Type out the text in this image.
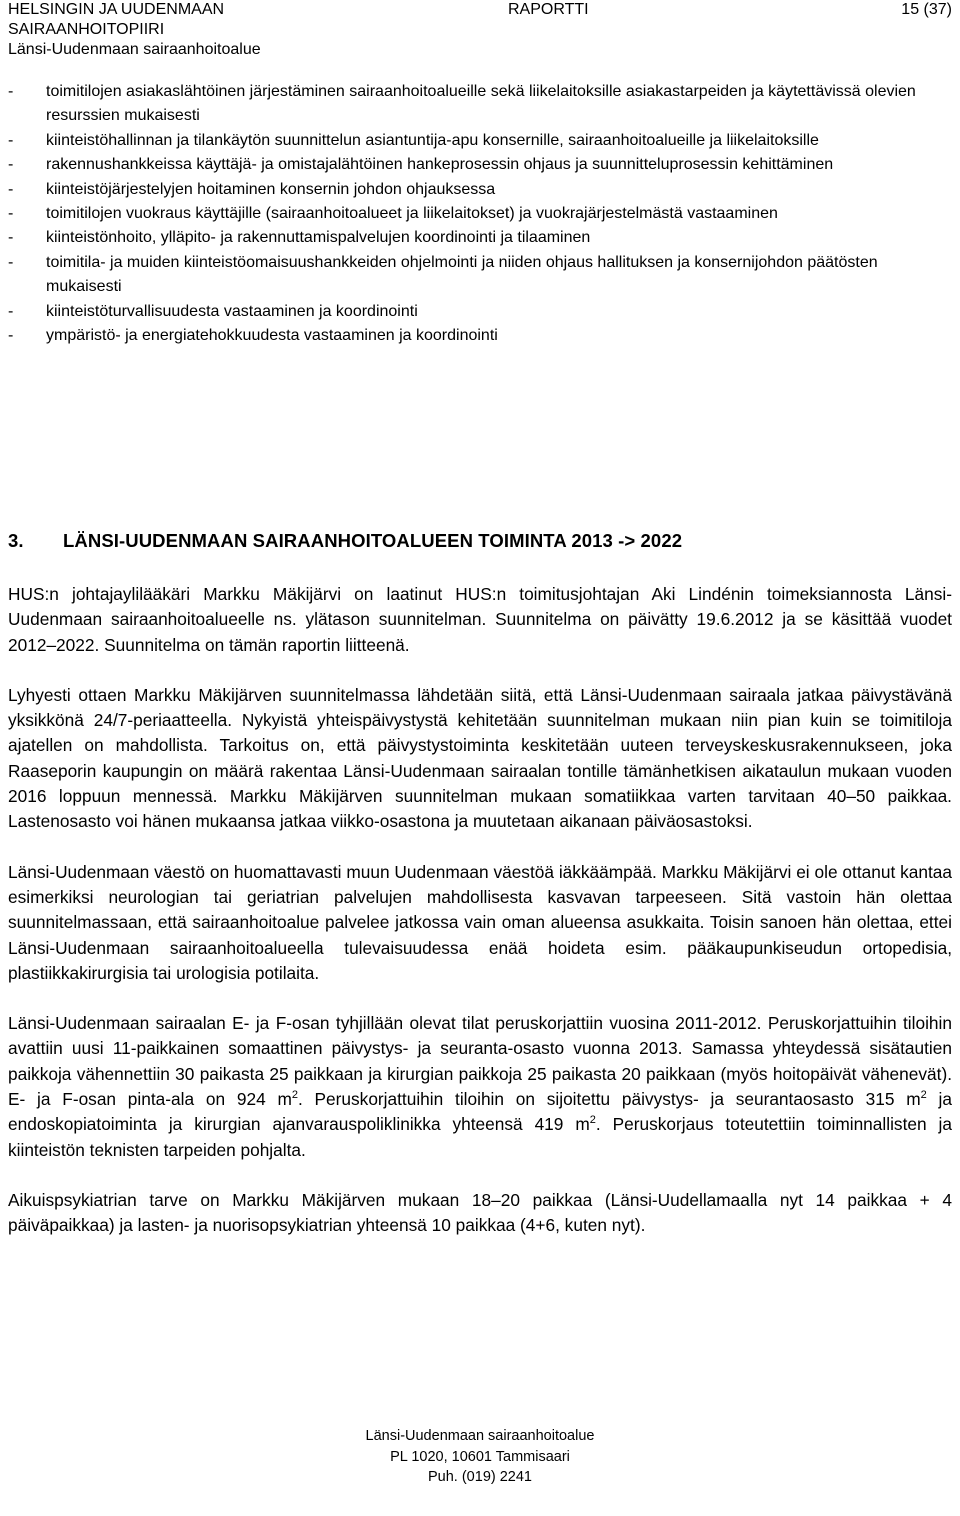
HELSINGIN JA UUDENMAAN	RAPORTTI	15 (37)
SAIRAANHOITOPIIRI
Länsi-Uudenmaan sairaanhoitoalue
-	toimitilojen asiakaslähtöinen järjestäminen sairaanhoitoalueille sekä liikelaitoksille asiakastarpeiden ja käytettävissä olevien resurssien mukaisesti
-	kiinteistöhallinnan ja tilankäytön suunnittelun asiantuntija-apu konsernille, sairaanhoitoalueille ja liikelaitoksille
-	rakennushankkeissa käyttäjä- ja omistajalähtöinen hankeprosessin ohjaus ja suunnitteluprosessin kehittäminen
-	kiinteistöjärjestelyjen hoitaminen konsernin johdon ohjauksessa
-	toimitilojen vuokraus käyttäjille (sairaanhoitoalueet ja liikelaitokset) ja vuokrajärjestelmästä vastaaminen
-	kiinteistönhoito, ylläpito- ja rakennuttamispalvelujen koordinointi ja tilaaminen
-	toimitila- ja muiden kiinteistöomaisuushankkeiden ohjelmointi ja niiden ohjaus hallituksen ja konsernijohdon päätösten mukaisesti
-	kiinteistöturvallisuudesta vastaaminen ja koordinointi
-	ympäristö- ja energiatehokkuudesta vastaaminen ja koordinointi
3. LÄNSI-UUDENMAAN SAIRAANHOITOALUEEN TOIMINTA 2013 -> 2022

HUS:n johtajaylilääkäri Markku Mäkijärvi on laatinut HUS:n toimitusjohtajan Aki Lindénin toimeksiannosta Länsi-Uudenmaan sairaanhoitoalueelle ns. ylätason suunnitelman. Suunnitelma on päivätty 19.6.2012 ja se käsittää vuodet 2012–2022. Suunnitelma on tämän raportin liitteenä.

Lyhyesti ottaen Markku Mäkijärven suunnitelmassa lähdetään siitä, että Länsi-Uudenmaan sairaala jatkaa päivystävänä yksikkönä 24/7-periaatteella. Nykyistä yhteispäivystystä kehitetään suunnitelman mukaan niin pian kuin se toimitiloja ajatellen on mahdollista. Tarkoitus on, että päivystystoiminta keskitetään uuteen terveyskeskusrakennukseen, joka Raaseporin kaupungin on määrä rakentaa Länsi-Uudenmaan sairaalan tontille tämänhetkisen aikataulun mukaan vuoden 2016 loppuun mennessä. Markku Mäkijärven suunnitelman mukaan somatiikkaa varten tarvitaan 40–50 paikkaa. Lastenosasto voi hänen mukaansa jatkaa viikko-osastona ja muutetaan aikanaan päiväosastoksi.

Länsi-Uudenmaan väestö on huomattavasti muun Uudenmaan väestöä iäkkäämpää. Markku Mäkijärvi ei ole ottanut kantaa esimerkiksi neurologian tai geriatrian palvelujen mahdollisesta kasvavan tarpeeseen. Sitä vastoin hän olettaa suunnitelmassaan, että sairaanhoitoalue palvelee jatkossa vain oman alueensa asukkaita. Toisin sanoen hän olettaa, ettei Länsi-Uudenmaan sairaanhoitoalueella tulevaisuudessa enää hoideta esim. pääkaupunkiseudun ortopedisia, plastiikkakirurgisia tai urologisia potilaita.

Länsi-Uudenmaan sairaalan E- ja F-osan tyhjillään olevat tilat peruskorjattiin vuosina 2011-2012. Peruskorjattuihin tiloihin avattiin uusi 11-paikkainen somaattinen päivystys- ja seuranta-osasto vuonna 2013. Samassa yhteydessä sisätautien paikkoja vähennettiin 30 paikasta 25 paikkaan ja kirurgian paikkoja 25 paikasta 20 paikkaan (myös hoitopäivät vähenevät). E- ja F-osan pinta-ala on 924 $m^2$. Peruskorjattuihin tiloihin on sijoitettu päivystys- ja seurantaosasto 315 $m^2$ ja endoskopiatoiminta ja kirurgian ajanvarauspoliklinikka yhteensä 419 $m^2$. Peruskorjaus toteutettiin toiminnallisten ja kiinteistön teknisten tarpeiden pohjalta.

Aikuispsykiatrian tarve on Markku Mäkijärven mukaan 18–20 paikkaa (Länsi-Uudellamaalla nyt 14 paikkaa + 4 päiväpaikkaa) ja lasten- ja nuorisopsykiatrian yhteensä 10 paikkaa (4+6, kuten nyt).

Länsi-Uudenmaan sairaanhoitoalue
PL 1020, 10601 Tammisaari
Puh. (019) 2241
